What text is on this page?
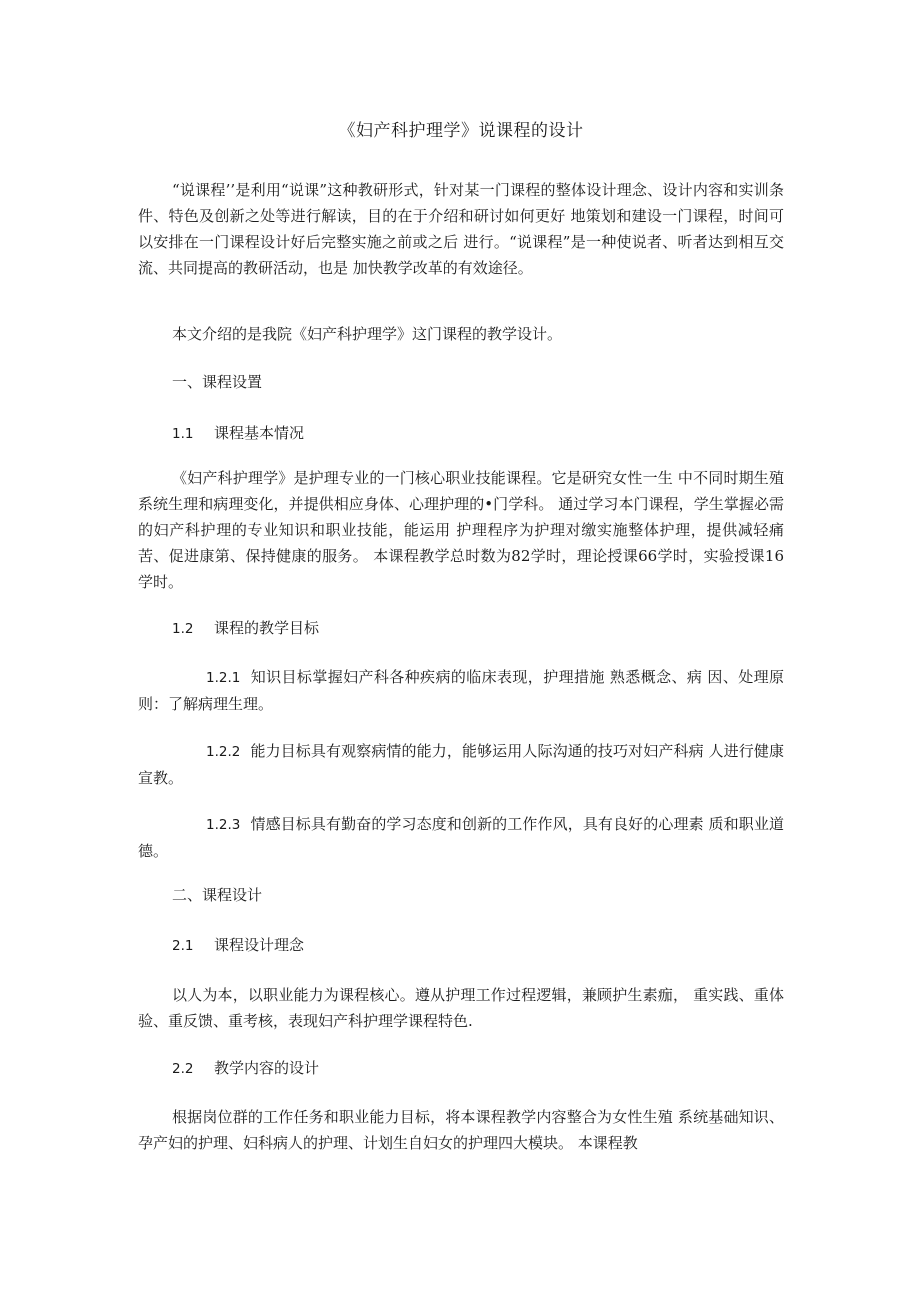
《妇产科护理学》说课程的设计

“说课程’’是利用“说课”这种教研形式，针对某一门课程的整体设计理念、设计内容和实训条件、特色及创新之处等进行解读，目的在于介绍和研讨如何更好 地策划和建设一门课程，时间可以安排在一门课程设计好后完整实施之前或之后 进行。“说课程”是一种使说者、听者达到相互交流、共同提高的教研活动，也是 加快教学改革的有效途径。

本文介绍的是我院《妇产科护理学》这门课程的教学设计。

一、课程设置
1.1 课程基本情况

《妇产科护理学》是护理专业的一门核心职业技能课程。它是研究女性一生 中不同时期生殖系统生理和病理变化，并提供相应身体、心理护理的•门学科。 通过学习本门课程，学生掌握必需的妇产科护理的专业知识和职业技能，能运用 护理程序为护理对缴实施整体护理，提供减轻痛苦、促进康第、保持健康的服务。 本课程教学总时数为82学时，理论授课66学时，实验授课16学时。

1.2 课程的教学目标

1.2.1 知识目标掌握妇产科各种疾病的临床表现，护理措施 熟悉概念、病 因、处理原则：了解病理生理。

1.2.2 能力目标具有观察病情的能力，能够运用人际沟通的技巧对妇产科病 人进行健康宣教。

1.2.3 情感目标具有勤奋的学习态度和创新的工作作风，具有良好的心理素 质和职业道德。

二、课程设计
2.1 课程设计理念

以人为本，以职业能力为课程核心。遵从护理工作过程逻辑，兼顾护生素痂， 重实践、重体验、重反馈、重考核，表现妇产科护理学课程特色.

2.2 教学内容的设计

根据岗位群的工作任务和职业能力目标，将本课程教学内容整合为女性生殖 系统基础知识、孕产妇的护理、妇科病人的护理、计划生自妇女的护理四大模块。 本课程教
